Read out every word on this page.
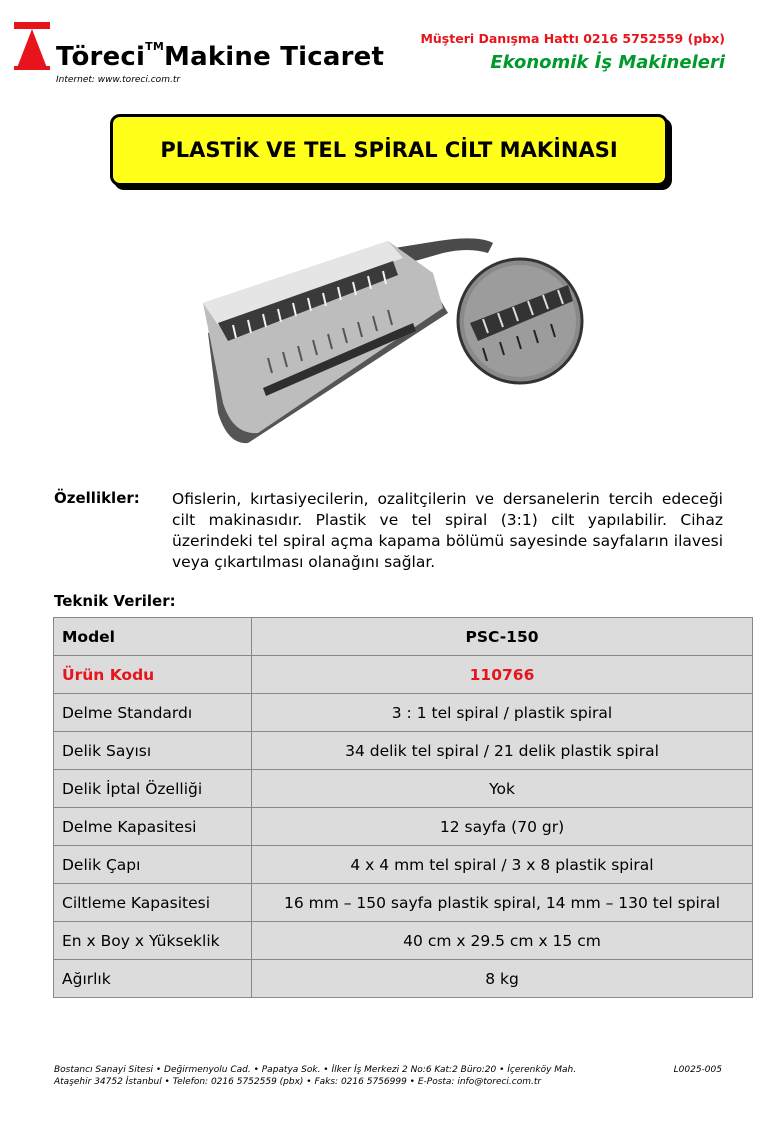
Töreci™Makine Ticaret
Internet: www.toreci.com.tr
Müşteri Danışma Hattı 0216 5752559 (pbx)
Ekonomik İş Makineleri
PLASTİK VE TEL SPİRAL CİLT MAKİNASI
Özellikler: Ofislerin, kırtasiyecilerin, ozalitçilerin ve dersanelerin tercih edeceği cilt makinasıdır. Plastik ve tel spiral (3:1) cilt yapılabilir. Cihaz üzerindeki tel spiral açma kapama bölümü sayesinde sayfaların ilavesi veya çıkartılması olanağını sağlar.
Teknik Veriler:
Model	PSC-150
Ürün Kodu	110766
Delme Standardı	3 : 1 tel spiral / plastik spiral
Delik Sayısı	34 delik tel spiral / 21 delik plastik spiral
Delik İptal Özelliği	Yok
Delme Kapasitesi	12 sayfa (70 gr)
Delik Çapı	4 x 4 mm tel spiral / 3 x 8 plastik spiral
Ciltleme Kapasitesi	16 mm – 150 sayfa plastik spiral, 14 mm – 130 tel spiral
En x Boy x Yükseklik	40 cm x 29.5 cm x 15 cm
Ağırlık	8 kg
Bostancı Sanayi Sitesi • Değirmenyolu Cad. • Papatya Sok. • İlker İş Merkezi 2 No:6 Kat:2 Büro:20 • İçerenköy Mah.
Ataşehir 34752 İstanbul • Telefon: 0216 5752559 (pbx) • Faks: 0216 5756999 • E-Posta: info@toreci.com.tr
L0025-005
